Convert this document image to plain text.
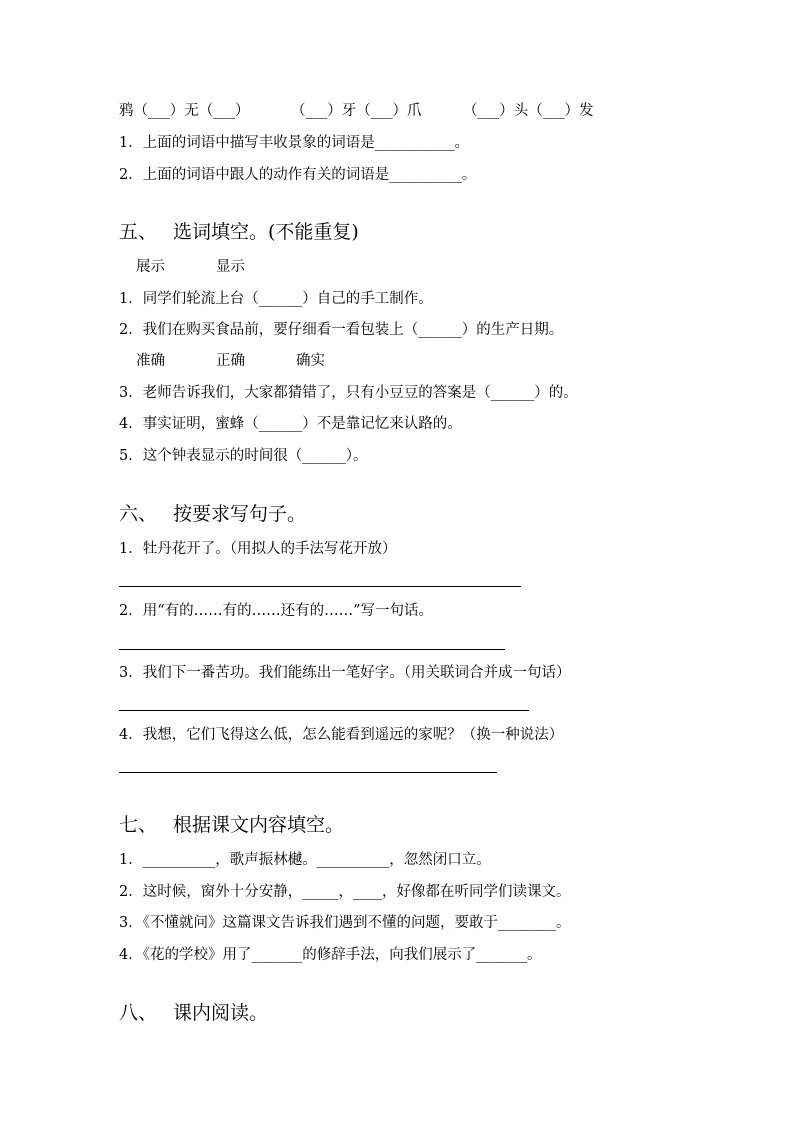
鸦（___）无（___）         （___）牙（___）爪         （___）头（___）发
1．上面的词语中描写丰收景象的词语是___________。
2．上面的词语中跟人的动作有关的词语是__________。
五、 选词填空。(不能重复)
展示	显示
1．同学们轮流上台（______）自己的手工制作。
2．我们在购买食品前，要仔细看一看包装上（______）的生产日期。
准确	正确	确实
3．老师告诉我们，大家都猜错了，只有小豆豆的答案是（______）的。
4．事实证明，蜜蜂（______）不是靠记忆来认路的。
5．这个钟表显示的时间很（______）。
六、 按要求写句子。
1．牡丹花开了。（用拟人的手法写花开放）
2．用“有的……有的……还有的……”写一句话。
3．我们下一番苦功。我们能练出一笔好字。（用关联词合并成一句话）
4．我想，它们飞得这么低，怎么能看到遥远的家呢？（换一种说法）
七、 根据课文内容填空。
1．__________，歌声振林樾。__________，忽然闭口立。
2．这时候，窗外十分安静，_____，____，好像都在听同学们读课文。
3．《不懂就问》这篇课文告诉我们遇到不懂的问题，要敢于________。
4．《花的学校》用了_______的修辞手法，向我们展示了_______。
八、 课内阅读。
